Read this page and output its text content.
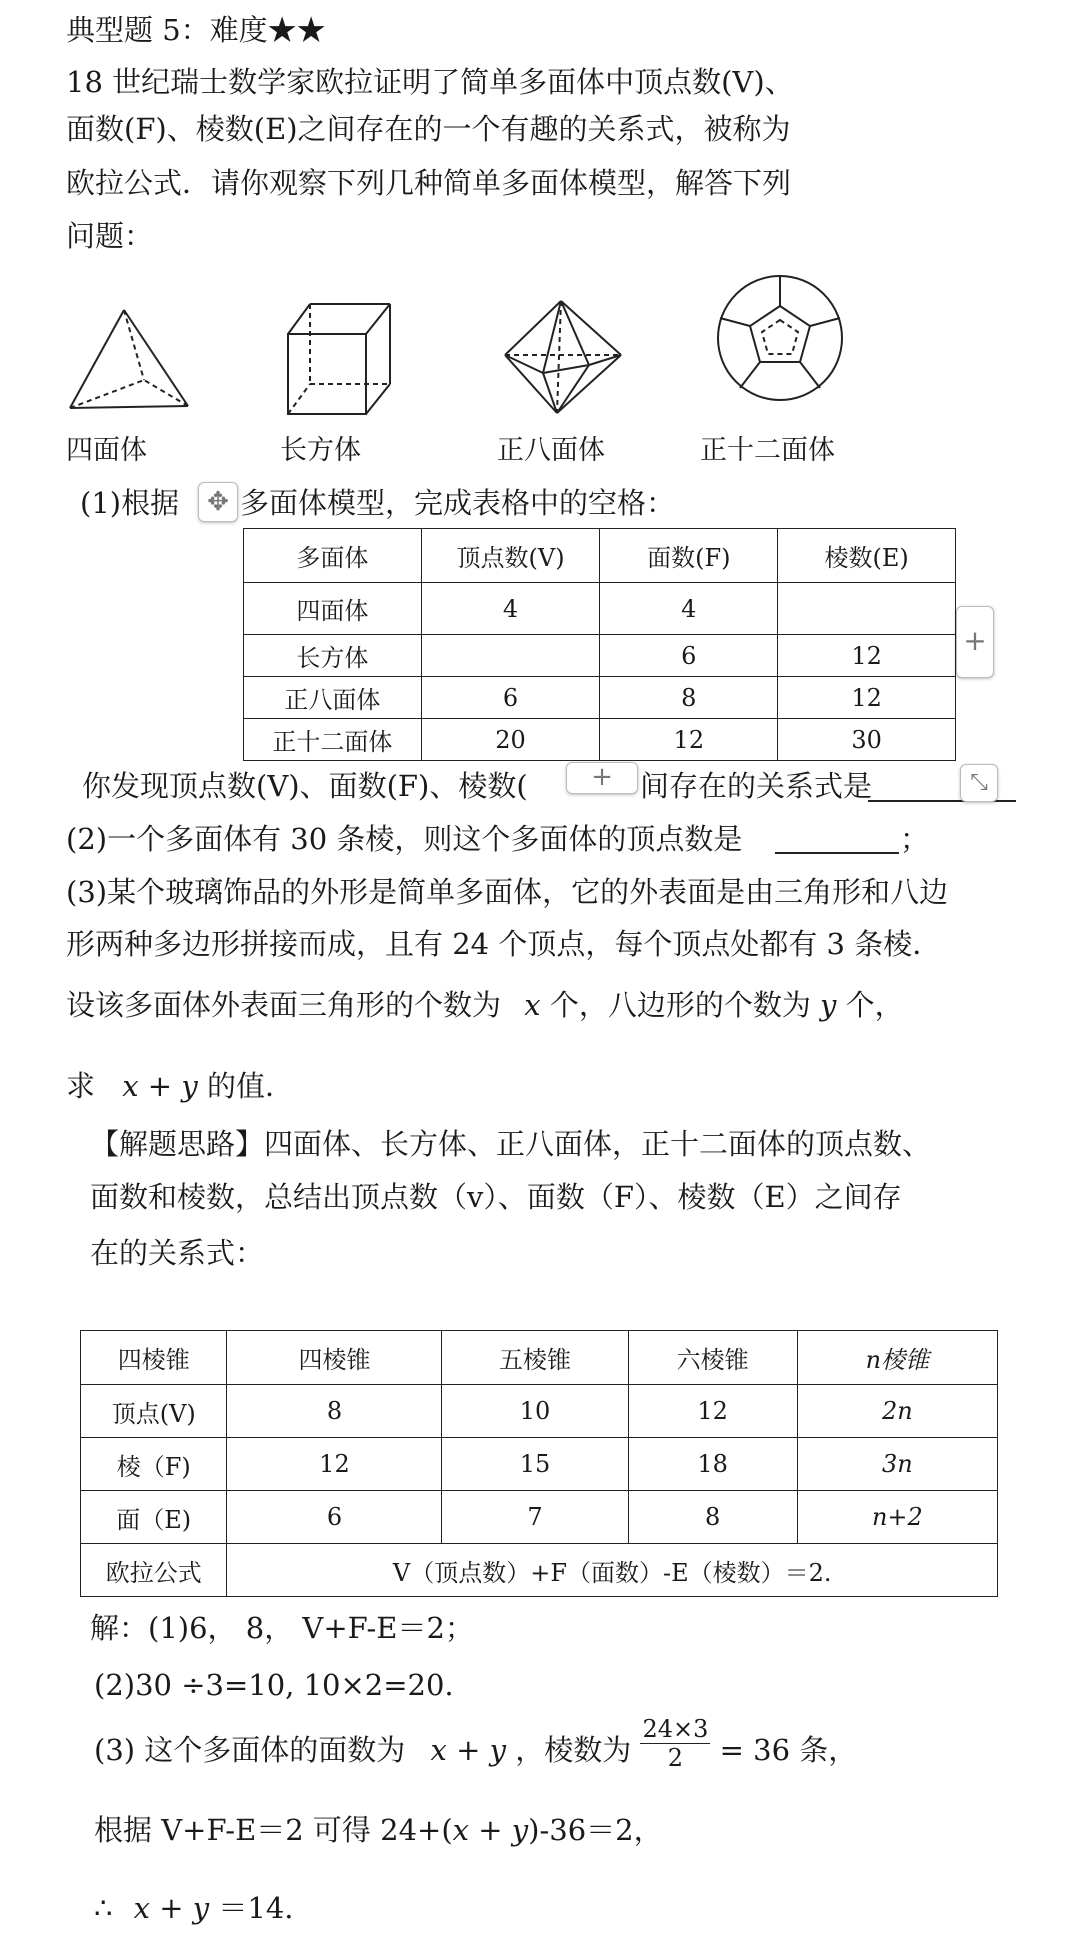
典型题 5：难度★★
18 世纪瑞士数学家欧拉证明了简单多面体中顶点数(V)、
面数(F)、棱数(E)之间存在的一个有趣的关系式，被称为
欧拉公式．请你观察下列几种简单多面体模型，解答下列
问题：
四面体	长方体	正八面体	正十二面体
(1)根据 多面体模型，完成表格中的空格：
✥
多面体	顶点数(V)	面数(F)	棱数(E)
四面体	4	4	
长方体		6	12
正八面体	6	8	12
正十二面体	20	12	30
+
你发现顶点数(V)、面数(F)、棱数(	间存在的关系式是
+	⤡
(2)一个多面体有 30 条棱，则这个多面体的顶点数是	；
(3)某个玻璃饰品的外形是简单多面体，它的外表面是由三角形和八边
形两种多边形拼接而成，且有 24 个顶点，每个顶点处都有 3 条棱．
设该多面体外表面三角形的个数为 x 个，八边形的个数为 y 个，
求 x + y 的值．
【解题思路】四面体、长方体、正八面体，正十二面体的顶点数、
面数和棱数，总结出顶点数（v）、面数（F）、棱数（E）之间存
在的关系式：
四棱锥	四棱锥	五棱锥	六棱锥	n棱锥
顶点(V)	8	10	12	2n
棱（F)	12	15	18	3n
面（E)	6	7	8	n+2
欧拉公式	V（顶点数）+F（面数）-E（棱数）＝2.			
解：(1)6， 8， V+F-E＝2；
(2)30 ÷3=10, 10×2=20.
(3) 这个多面体的面数为 x + y ，棱数为 $\frac{24\times 3}{2} = 36$ 条，
根据 V+F-E＝2 可得 24+(x + y)-36＝2，
∴ x + y ＝14.
